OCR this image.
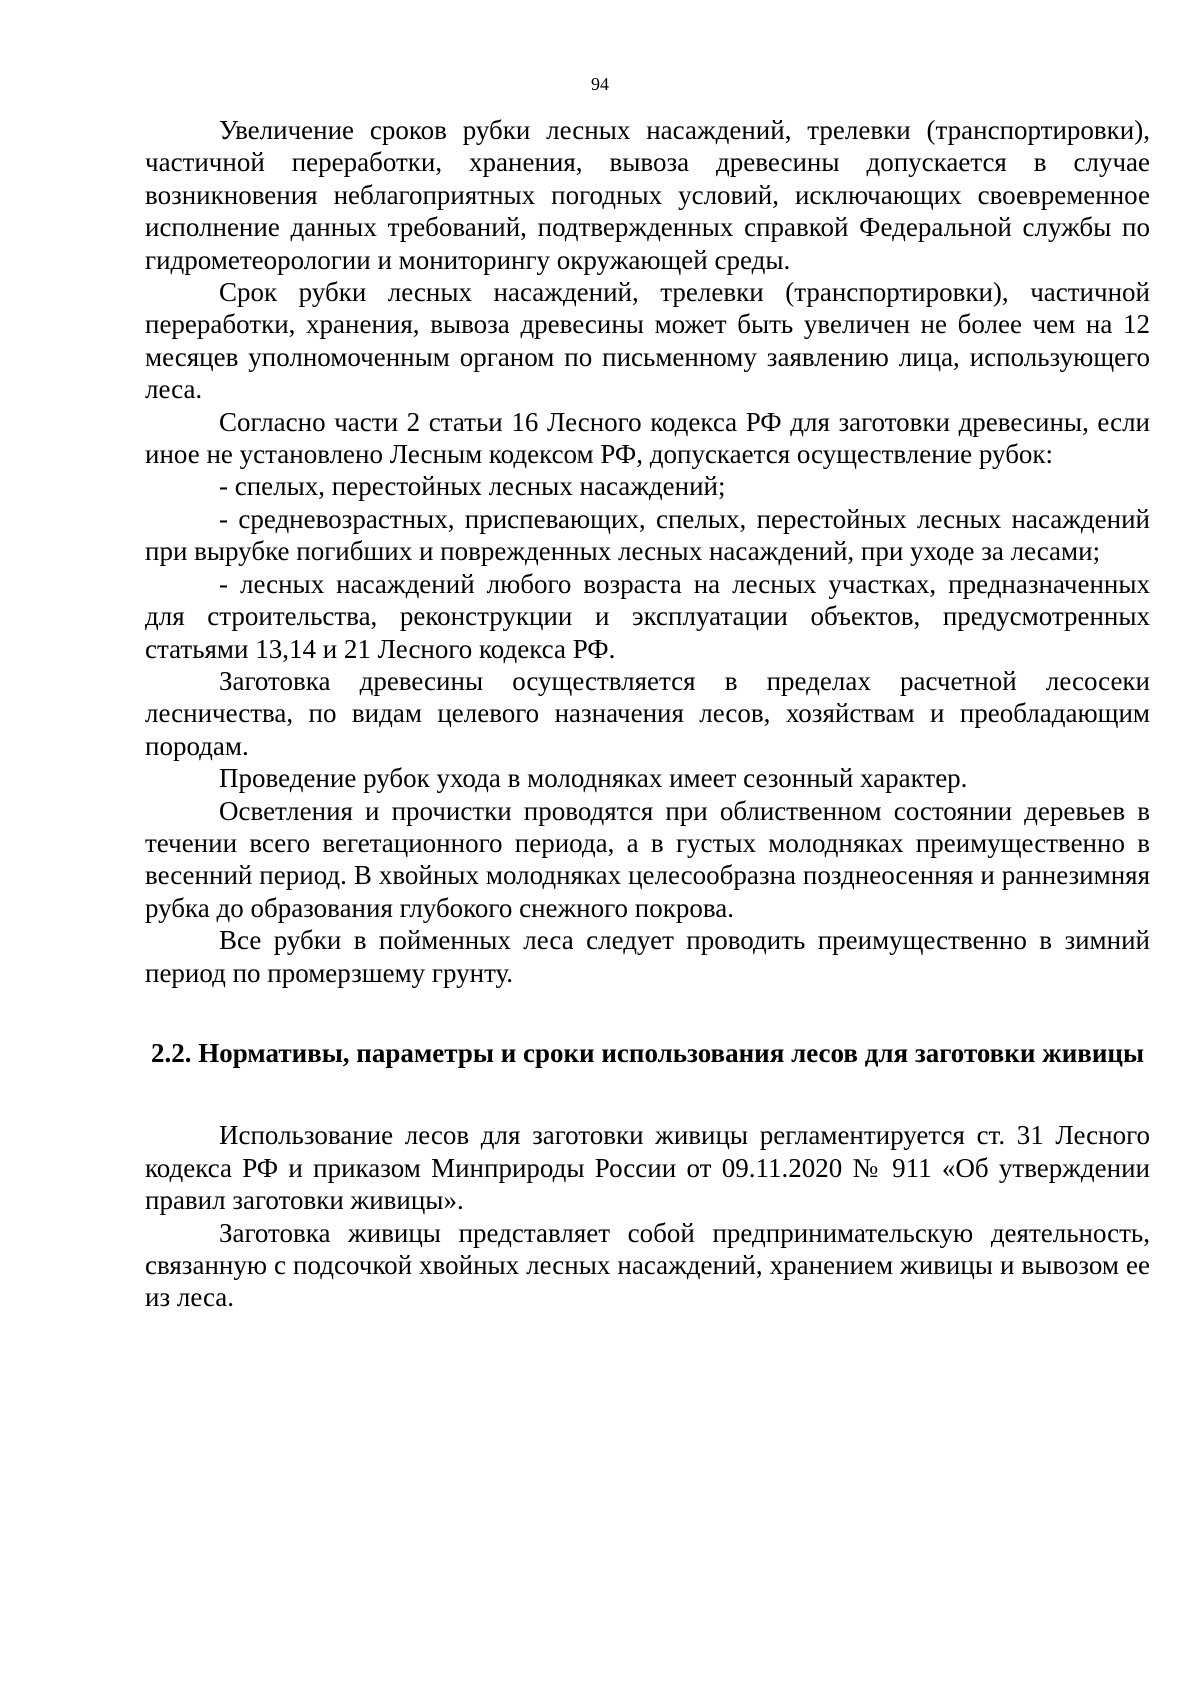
94

Увеличение сроков рубки лесных насаждений, трелевки (транспортировки), частичной переработки, хранения, вывоза древесины допускается в случае возникновения неблагоприятных погодных условий, исключающих своевременное исполнение данных требований, подтвержденных справкой Федеральной службы по гидрометеорологии и мониторингу окружающей среды.

Срок рубки лесных насаждений, трелевки (транспортировки), частичной переработки, хранения, вывоза древесины может быть увеличен не более чем на 12 месяцев уполномоченным органом по письменному заявлению лица, использующего леса.

Согласно части 2 статьи 16 Лесного кодекса РФ для заготовки древесины, если иное не установлено Лесным кодексом РФ, допускается осуществление рубок:

- спелых, перестойных лесных насаждений;

- средневозрастных, приспевающих, спелых, перестойных лесных насаждений при вырубке погибших и поврежденных лесных насаждений, при уходе за лесами;

- лесных насаждений любого возраста на лесных участках, предназначенных для строительства, реконструкции и эксплуатации объектов, предусмотренных статьями 13,14 и 21 Лесного кодекса РФ.

Заготовка древесины осуществляется в пределах расчетной лесосеки лесничества, по видам целевого назначения лесов, хозяйствам и преобладающим породам.

Проведение рубок ухода в молодняках имеет сезонный характер.

Осветления и прочистки проводятся при облиственном состоянии деревьев в течении всего вегетационного периода, а в густых молодняках преимущественно в весенний период. В хвойных молодняках целесообразна позднеосенняя и раннезимняя рубка до образования глубокого снежного покрова.

Все рубки в пойменных леса следует проводить преимущественно в зимний период по промерзшему грунту.

2.2. Нормативы, параметры и сроки использования лесов для заготовки живицы

Использование лесов для заготовки живицы регламентируется ст. 31 Лесного кодекса РФ и приказом Минприроды России от 09.11.2020 № 911 «Об утверждении правил заготовки живицы».

Заготовка живицы представляет собой предпринимательскую деятельность, связанную с подсочкой хвойных лесных насаждений, хранением живицы и вывозом ее из леса.
